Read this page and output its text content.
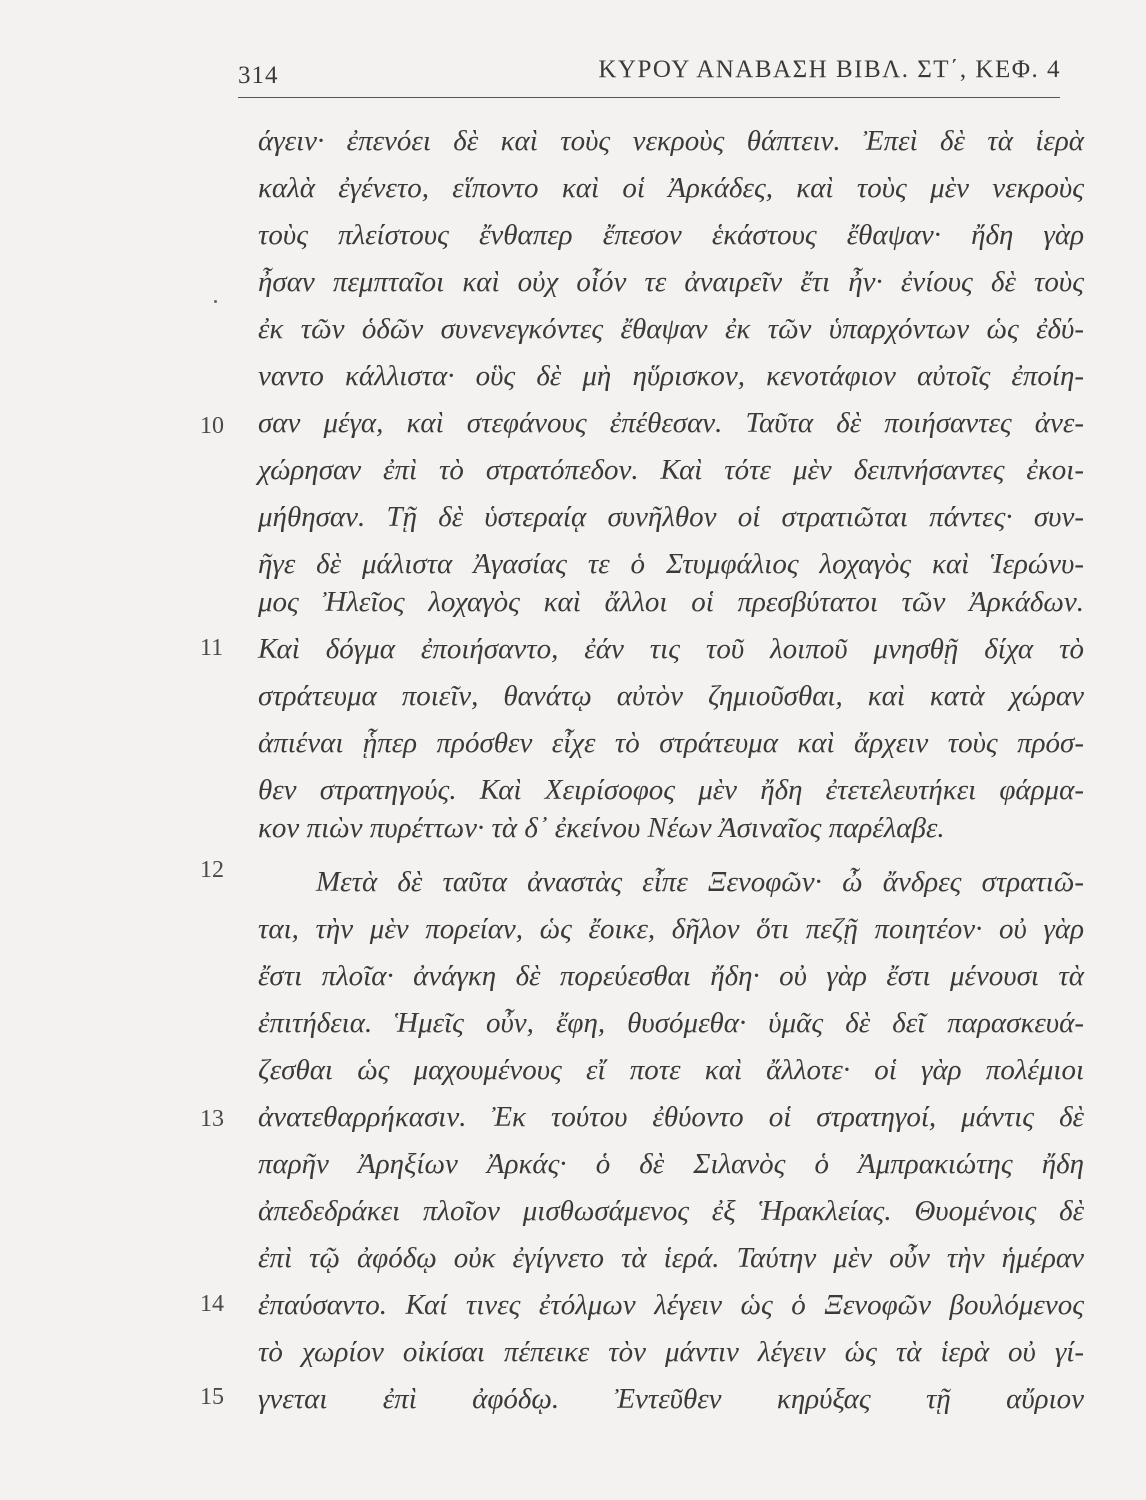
314	ΚΥΡΟΥ ΑΝΑΒΑΣΗ ΒΙΒΛ. ΣΤ΄, ΚΕΦ. 4
10
11
12
13
14
15
άγειν· ἐπενόει δὲ καὶ τοὺς νεκροὺς θάπτειν. Ἐπεὶ δὲ τὰ ἱερὰ
καλὰ ἐγένετο, εἵποντο καὶ οἱ Ἀρκάδες, καὶ τοὺς μὲν νεκροὺς
τοὺς πλείστους ἔνθαπερ ἔπεσον ἑκάστους ἔθαψαν· ἤδη γὰρ
ἦσαν πεμπταῖοι καὶ οὐχ οἷόν τε ἀναιρεῖν ἔτι ἦν· ἐνίους δὲ τοὺς
ἐκ τῶν ὁδῶν συνενεγκόντες ἔθαψαν ἐκ τῶν ὑπαρχόντων ὡς ἐδύ-
ναντο κάλλιστα· οὓς δὲ μὴ ηὕρισκον, κενοτάφιον αὐτοῖς ἐποίη-
σαν μέγα, καὶ στεφάνους ἐπέθεσαν. Ταῦτα δὲ ποιήσαντες ἀνε-
χώρησαν ἐπὶ τὸ στρατόπεδον. Καὶ τότε μὲν δειπνήσαντες ἐκοι-
μήθησαν. Τῇ δὲ ὑστεραίᾳ συνῆλθον οἱ στρατιῶται πάντες· συν-
ῆγε δὲ μάλιστα Ἀγασίας τε ὁ Στυμφάλιος λοχαγὸς καὶ Ἱερώνυ-
μος Ἠλεῖος λοχαγὸς καὶ ἄλλοι οἱ πρεσβύτατοι τῶν Ἀρκάδων.
Καὶ δόγμα ἐποιήσαντο, ἐάν τις τοῦ λοιποῦ μνησθῇ δίχα τὸ
στράτευμα ποιεῖν, θανάτῳ αὐτὸν ζημιοῦσθαι, καὶ κατὰ χώραν
ἀπιέναι ᾗπερ πρόσθεν εἶχε τὸ στράτευμα καὶ ἄρχειν τοὺς πρόσ-
θεν στρατηγούς. Καὶ Χειρίσοφος μὲν ἤδη ἐτετελευτήκει φάρμα-
κον πιὼν πυρέττων· τὰ δ᾽ ἐκείνου Νέων Ἀσιναῖος παρέλαβε.
Μετὰ δὲ ταῦτα ἀναστὰς εἶπε Ξενοφῶν· ὦ ἄνδρες στρατιῶ-
ται, τὴν μὲν πορείαν, ὡς ἔοικε, δῆλον ὅτι πεζῇ ποιητέον· οὐ γὰρ
ἔστι πλοῖα· ἀνάγκη δὲ πορεύεσθαι ἤδη· οὐ γὰρ ἔστι μένουσι τὰ
ἐπιτήδεια. Ἡμεῖς οὖν, ἔφη, θυσόμεθα· ὑμᾶς δὲ δεῖ παρασκευά-
ζεσθαι ὡς μαχουμένους εἴ ποτε καὶ ἄλλοτε· οἱ γὰρ πολέμιοι
ἀνατεθαρρήκασιν. Ἐκ τούτου ἐθύοντο οἱ στρατηγοί, μάντις δὲ
παρῆν Ἀρηξίων Ἀρκάς· ὁ δὲ Σιλανὸς ὁ Ἀμπρακιώτης ἤδη
ἀπεδεδράκει πλοῖον μισθωσάμενος ἐξ Ἡρακλείας. Θυομένοις δὲ
ἐπὶ τῷ ἀφόδῳ οὐκ ἐγίγνετο τὰ ἱερά. Ταύτην μὲν οὖν τὴν ἡμέραν
ἐπαύσαντο. Καί τινες ἐτόλμων λέγειν ὡς ὁ Ξενοφῶν βουλόμενος
τὸ χωρίον οἰκίσαι πέπεικε τὸν μάντιν λέγειν ὡς τὰ ἱερὰ οὐ γί-
γνεται ἐπὶ ἀφόδῳ. Ἐντεῦθεν κηρύξας τῇ αὔριον
